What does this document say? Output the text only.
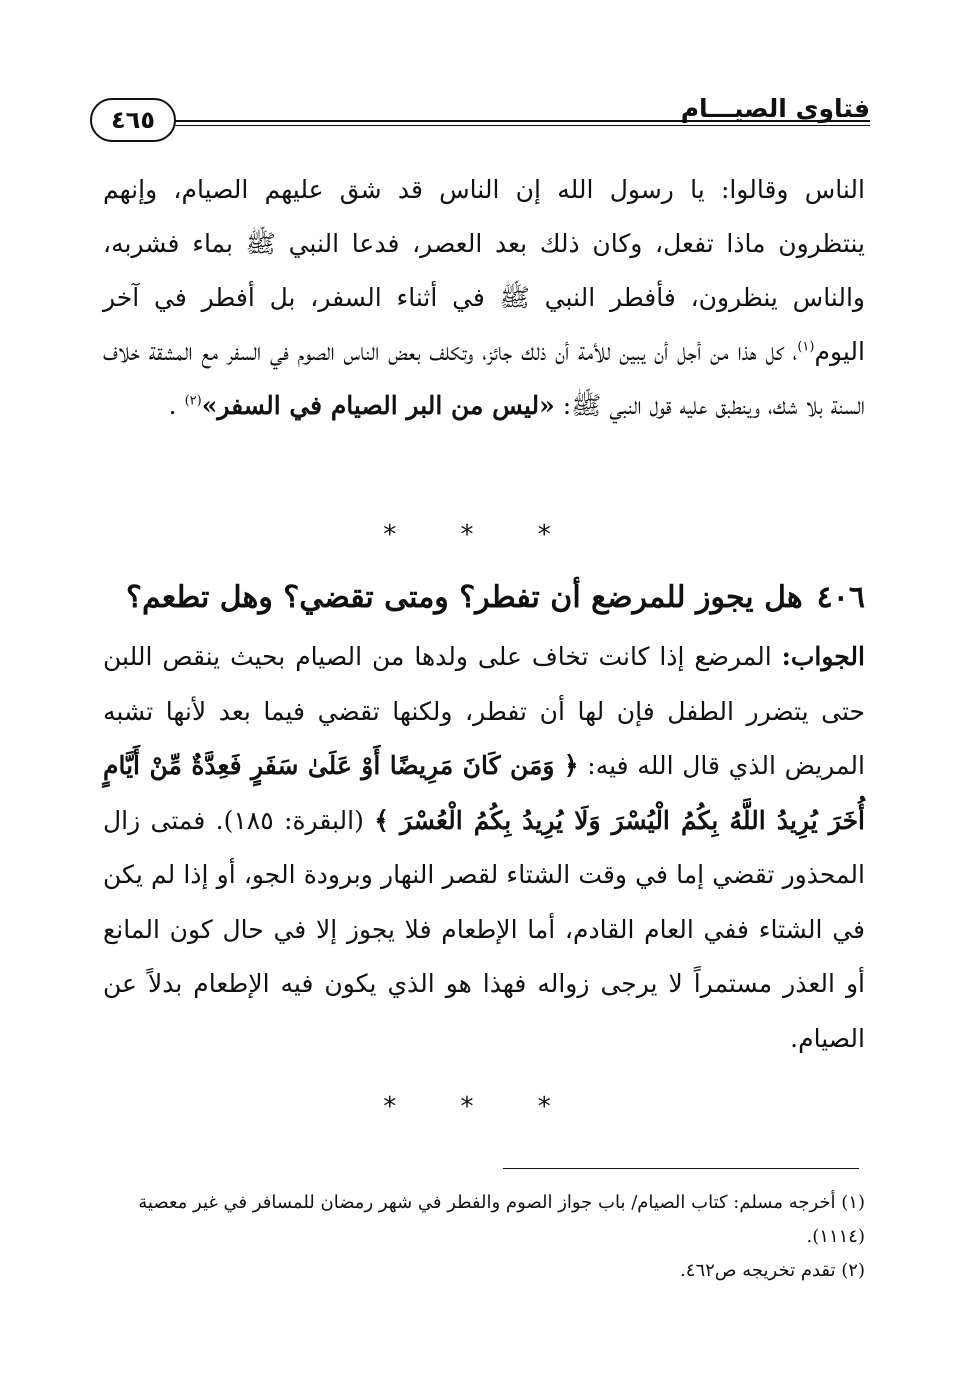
فتاوى الصيـــام
٤٦٥
الناس وقالوا: يا رسول الله إن الناس قد شق عليهم الصيام، وإنهم ينتظرون ماذا تفعل، وكان ذلك بعد العصر، فدعا النبي ﷺ بماء فشربه، والناس ينظرون، فأفطر النبي ﷺ في أثناء السفر، بل أفطر في آخر اليوم$^{(١)}$، كل هذا من أجل أن يبين للأمة أن ذلك جائز، وتكلف بعض الناس الصوم في السفر مع المشقة خلاف السنة بلا شك، وينطبق عليه قول النبي ﷺ: «ليس من البر الصيام في السفر»$^{(٢)}$ .
* * *
٤٠٦هل يجوز للمرضع أن تفطر؟ ومتى تقضي؟ وهل تطعم؟
الجواب: المرضع إذا كانت تخاف على ولدها من الصيام بحيث ينقص اللبن حتى يتضرر الطفل فإن لها أن تفطر، ولكنها تقضي فيما بعد لأنها تشبه المريض الذي قال الله فيه: ﴿ وَمَن كَانَ مَرِيضًا أَوْ عَلَىٰ سَفَرٍ فَعِدَّةٌ مِّنْ أَيَّامٍ أُخَرَ يُرِيدُ اللَّهُ بِكُمُ الْيُسْرَ وَلَا يُرِيدُ بِكُمُ الْعُسْرَ ﴾ (البقرة: ١٨٥). فمتى زال المحذور تقضي إما في وقت الشتاء لقصر النهار وبرودة الجو، أو إذا لم يكن في الشتاء ففي العام القادم، أما الإطعام فلا يجوز إلا في حال كون المانع أو العذر مستمراً لا يرجى زواله فهذا هو الذي يكون فيه الإطعام بدلاً عن الصيام.
* * *

(١) أخرجه مسلم: كتاب الصيام/ باب جواز الصوم والفطر في شهر رمضان للمسافر في غير معصية (١١١٤).

(٢) تقدم تخريجه ص٤٦٢.
